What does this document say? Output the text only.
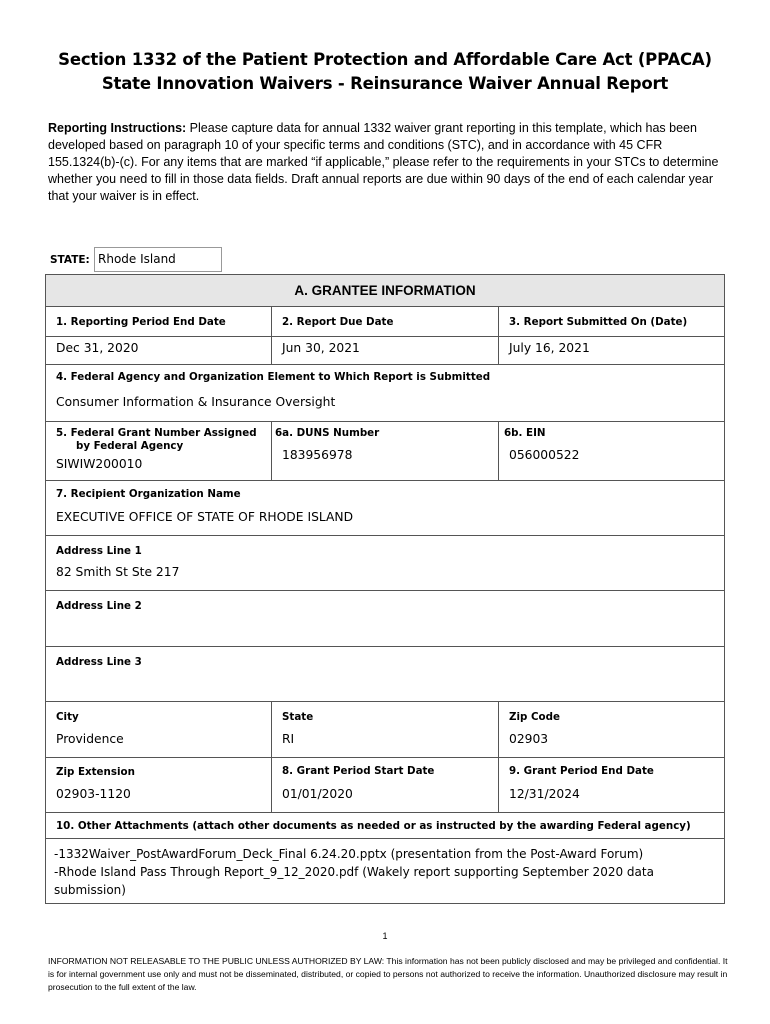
Section 1332 of the Patient Protection and Affordable Care Act (PPACA)
State Innovation Waivers - Reinsurance Waiver Annual Report
Reporting Instructions: Please capture data for annual 1332 waiver grant reporting in this template, which has been developed based on paragraph 10 of your specific terms and conditions (STC), and in accordance with 45 CFR 155.1324(b)-(c). For any items that are marked “if applicable,” please refer to the requirements in your STCs to determine whether you need to fill in those data fields. Draft annual reports are due within 90 days of the end of each calendar year that your waiver is in effect.
STATE: Rhode Island
A. GRANTEE INFORMATION
1. Reporting Period End Date	2. Report Due Date	3. Report Submitted On (Date)
Dec 31, 2020	Jun 30, 2021	July 16, 2021
4. Federal Agency and Organization Element to Which Report is Submitted
Consumer Information & Insurance Oversight
5. Federal Grant Number Assigned
by Federal Agency
SIWIW200010
6a. DUNS Number
183956978
6b. EIN
056000522
7. Recipient Organization Name
EXECUTIVE OFFICE OF STATE OF RHODE ISLAND
Address Line 1
82 Smith St Ste 217
Address Line 2
Address Line 3
City
Providence
State
RI
Zip Code
02903
Zip Extension
02903-1120
8. Grant Period Start Date
01/01/2020
9. Grant Period End Date
12/31/2024
10. Other Attachments (attach other documents as needed or as instructed by the awarding Federal agency)
-1332Waiver_PostAwardForum_Deck_Final 6.24.20.pptx (presentation from the Post-Award Forum)
-Rhode Island Pass Through Report_9_12_2020.pdf (Wakely report supporting September 2020 data submission)
1
INFORMATION NOT RELEASABLE TO THE PUBLIC UNLESS AUTHORIZED BY LAW: This information has not been publicly disclosed and may be privileged and confidential. It is for internal government use only and must not be disseminated, distributed, or copied to persons not authorized to receive the information. Unauthorized disclosure may result in prosecution to the full extent of the law.
